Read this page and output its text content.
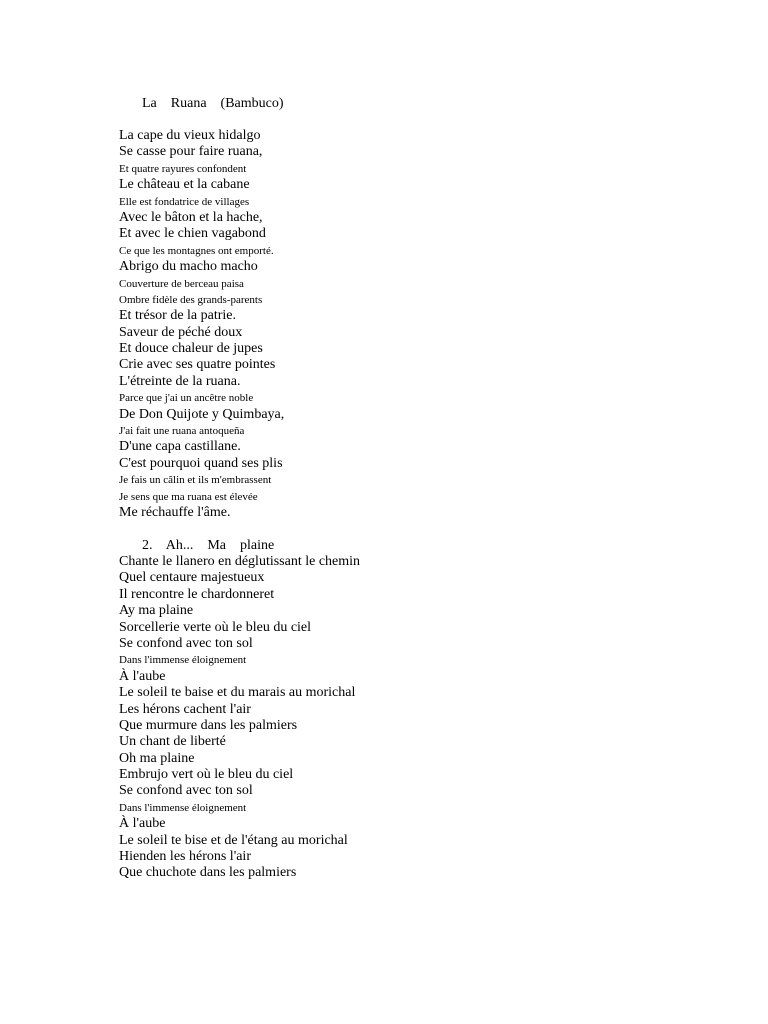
La    Ruana    (Bambuco)
La cape du vieux hidalgo
Se casse pour faire ruana,
Et quatre rayures confondent
Le château et la cabane
Elle est fondatrice de villages
Avec le bâton et la hache,
Et avec le chien vagabond
Ce que les montagnes ont emporté.
Abrigo du macho macho
Couverture de berceau paisa
Ombre fidèle des grands-parents
Et trésor de la patrie.
Saveur de péché doux
Et douce chaleur de jupes
Crie avec ses quatre pointes
L'étreinte de la ruana.
Parce que j'ai un ancêtre noble
De Don Quijote y Quimbaya,
J'ai fait une ruana antoqueña
D'une capa castillane.
C'est pourquoi quand ses plis
Je fais un câlin et ils m'embrassent
Je sens que ma ruana est élevée
Me réchauffe l'âme.
2.    Ah...    Ma    plaine
Chante le llanero en déglutissant le chemin
Quel centaure majestueux
Il rencontre le chardonneret
Ay ma plaine
Sorcellerie verte où le bleu du ciel
Se confond avec ton sol
Dans l'immense éloignement
À l'aube
Le soleil te baise et du marais au morichal
Les hérons cachent l'air
Que murmure dans les palmiers
Un chant de liberté
Oh ma plaine
Embrujo vert où le bleu du ciel
Se confond avec ton sol
Dans l'immense éloignement
À l'aube
Le soleil te bise et de l'étang au morichal
Hienden les hérons l'air
Que chuchote dans les palmiers
